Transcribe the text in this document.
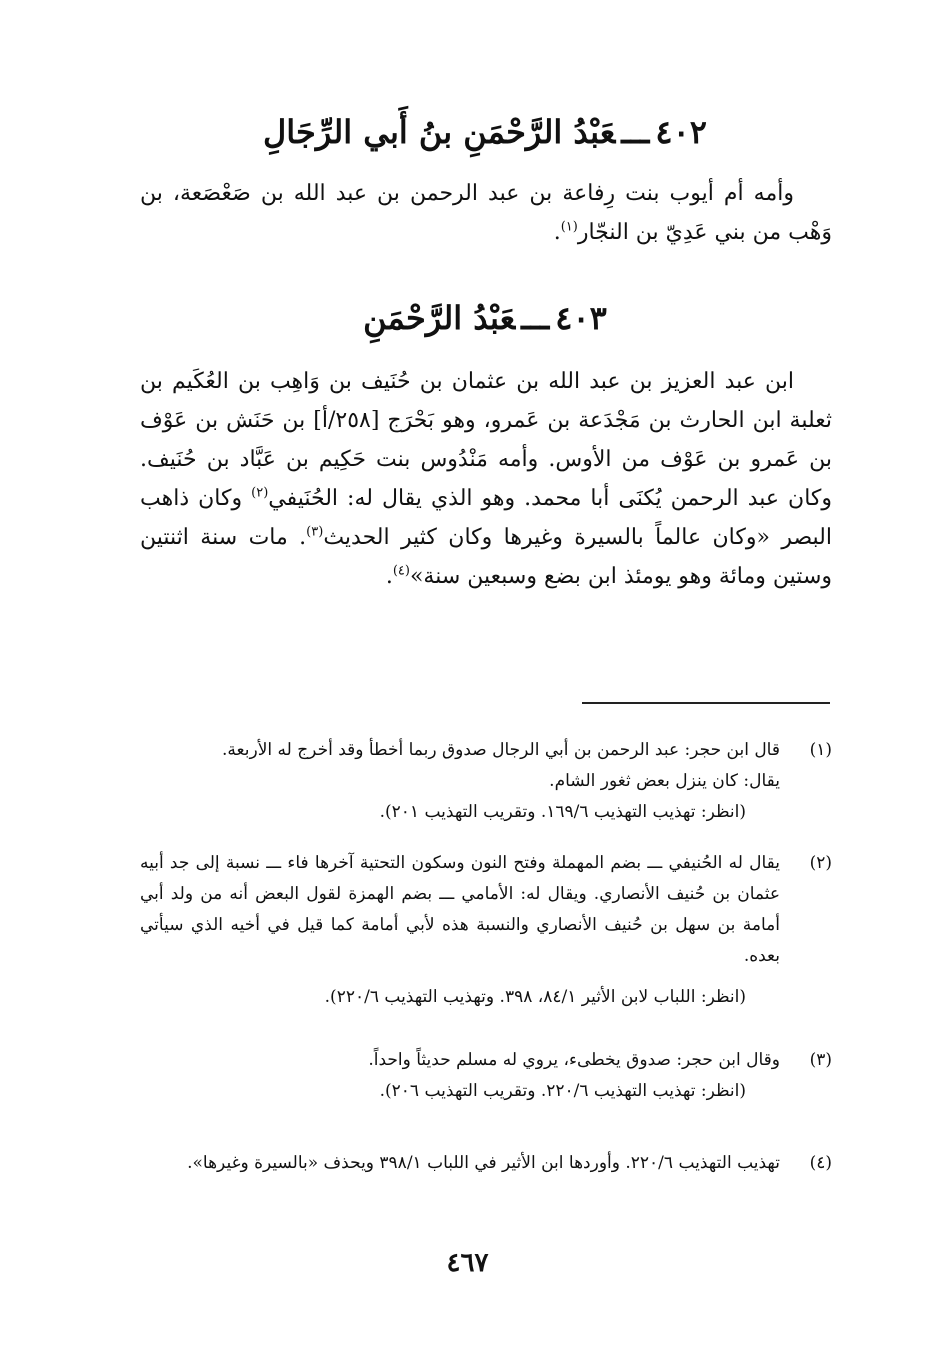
٤٠٢ـــعَبْدُ الرَّحْمَنِ بنُ أَبي الرِّجَالِ

وأمه أم أيوب بنت رِفاعة بن عبد الرحمن بن عبد الله بن صَعْصَعة، بن وَهْب من بني عَدِيّ بن النجّار$^{(١)}$.

٤٠٣ـــعَبْدُ الرَّحْمَنِ

ابن عبد العزيز بن عبد الله بن عثمان بن حُنَيف بن وَاهِب بن العُكَيم بن ثعلبة ابن الحارث بن مَجْدَعة بن عَمرو، وهو بَحْرَج [٢٥٨/أ] بن حَنَش بن عَوْف بن عَمرو بن عَوْف من الأوس. وأمه مَنْدُوس بنت حَكِيم بن عَبَّاد بن حُنَيف. وكان عبد الرحمن يُكنَى أبا محمد. وهو الذي يقال له: الحُنَيفي$^{(٢)}$ وكان ذاهب البصر «وكان عالماً بالسيرة وغيرها وكان كثير الحديث$^{(٣)}$. مات سنة اثنتين وستين ومائة وهو يومئذ ابن بضع وسبعين سنة»$^{(٤)}$.

(١)

قال ابن حجر: عبد الرحمن بن أبي الرجال صدوق ربما أخطأ وقد أخرج له الأربعة.

يقال: كان ينزل بعض ثغور الشام.

(انظر: تهذيب التهذيب ١٦٩/٦. وتقريب التهذيب ٢٠١).

(٢)

يقال له الحُنيفي ـــ بضم المهملة وفتح النون وسكون التحتية آخرها فاء ـــ نسبة إلى جد أبيه عثمان بن حُنيف الأنصاري. ويقال له: الأمامي ـــ بضم الهمزة لقول البعض أنه من ولد أبي أمامة بن سهل بن حُنيف الأنصاري والنسبة هذه لأبي أمامة كما قيل في أخيه الذي سيأتي بعده.

(انظر: اللباب لابن الأثير ٨٤/١، ٣٩٨. وتهذيب التهذيب ٢٢٠/٦).

(٣)

وقال ابن حجر: صدوق يخطىء، يروي له مسلم حديثاً واحداً.

(انظر: تهذيب التهذيب ٢٢٠/٦. وتقريب التهذيب ٢٠٦).

(٤)

تهذيب التهذيب ٢٢٠/٦. وأوردها ابن الأثير في اللباب ٣٩٨/١ ويحذف «بالسيرة وغيرها».

٤٦٧
